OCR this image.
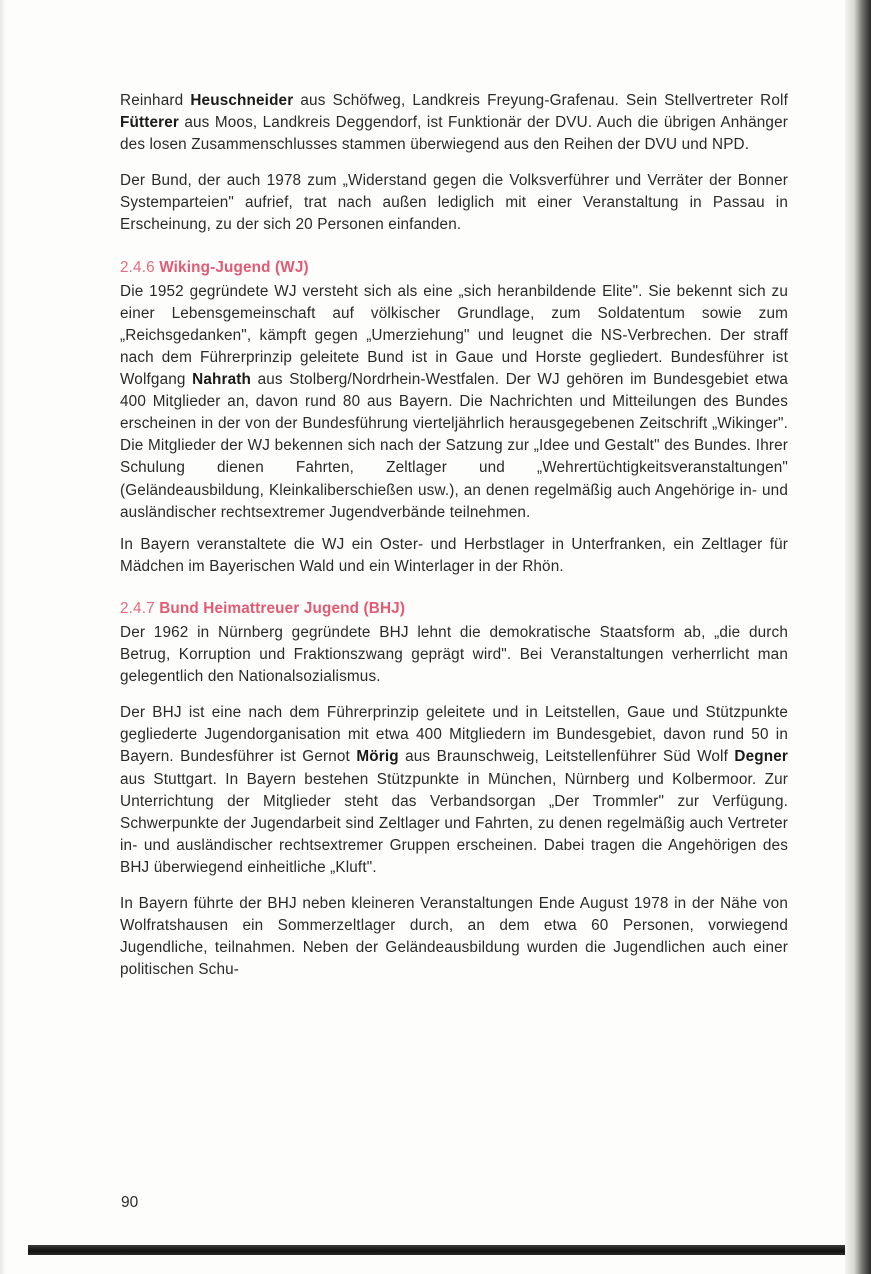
Reinhard Heuschneider aus Schöfweg, Landkreis Freyung-Grafenau. Sein Stellvertreter Rolf Fütterer aus Moos, Landkreis Deggendorf, ist Funktionär der DVU. Auch die übrigen Anhänger des losen Zusammenschlusses stammen überwiegend aus den Reihen der DVU und NPD.

Der Bund, der auch 1978 zum „Widerstand gegen die Volksverführer und Verräter der Bonner Systemparteien" aufrief, trat nach außen lediglich mit einer Veranstaltung in Passau in Erscheinung, zu der sich 20 Personen einfanden.

2.4.6 Wiking-Jugend (WJ)

Die 1952 gegründete WJ versteht sich als eine „sich heranbildende Elite". Sie bekennt sich zu einer Lebensgemeinschaft auf völkischer Grundlage, zum Soldatentum sowie zum „Reichsgedanken", kämpft gegen „Umerziehung" und leugnet die NS-Verbrechen. Der straff nach dem Führerprinzip geleitete Bund ist in Gaue und Horste gegliedert. Bundesführer ist Wolfgang Nahrath aus Stolberg/Nordrhein-Westfalen. Der WJ gehören im Bundesgebiet etwa 400 Mitglieder an, davon rund 80 aus Bayern. Die Nachrichten und Mitteilungen des Bundes erscheinen in der von der Bundesführung vierteljährlich herausgegebenen Zeitschrift „Wikinger". Die Mitglieder der WJ bekennen sich nach der Satzung zur „Idee und Gestalt" des Bundes. Ihrer Schulung dienen Fahrten, Zeltlager und „Wehrertüchtigkeitsveranstaltungen" (Geländeausbildung, Kleinkaliberschießen usw.), an denen regelmäßig auch Angehörige in- und ausländischer rechtsextremer Jugendverbände teilnehmen.

In Bayern veranstaltete die WJ ein Oster- und Herbstlager in Unterfranken, ein Zeltlager für Mädchen im Bayerischen Wald und ein Winterlager in der Rhön.

2.4.7 Bund Heimattreuer Jugend (BHJ)

Der 1962 in Nürnberg gegründete BHJ lehnt die demokratische Staatsform ab, „die durch Betrug, Korruption und Fraktionszwang geprägt wird". Bei Veranstaltungen verherrlicht man gelegentlich den Nationalsozialismus.

Der BHJ ist eine nach dem Führerprinzip geleitete und in Leitstellen, Gaue und Stützpunkte gegliederte Jugendorganisation mit etwa 400 Mitgliedern im Bundesgebiet, davon rund 50 in Bayern. Bundesführer ist Gernot Mörig aus Braunschweig, Leitstellenführer Süd Wolf Degner aus Stuttgart. In Bayern bestehen Stützpunkte in München, Nürnberg und Kolbermoor. Zur Unterrichtung der Mitglieder steht das Verbandsorgan „Der Trommler" zur Verfügung. Schwerpunkte der Jugendarbeit sind Zeltlager und Fahrten, zu denen regelmäßig auch Vertreter in- und ausländischer rechtsextremer Gruppen erscheinen. Dabei tragen die Angehörigen des BHJ überwiegend einheitliche „Kluft".

In Bayern führte der BHJ neben kleineren Veranstaltungen Ende August 1978 in der Nähe von Wolfratshausen ein Sommerzeltlager durch, an dem etwa 60 Personen, vorwiegend Jugendliche, teilnahmen. Neben der Geländeausbildung wurden die Jugendlichen auch einer politischen Schu-

90
